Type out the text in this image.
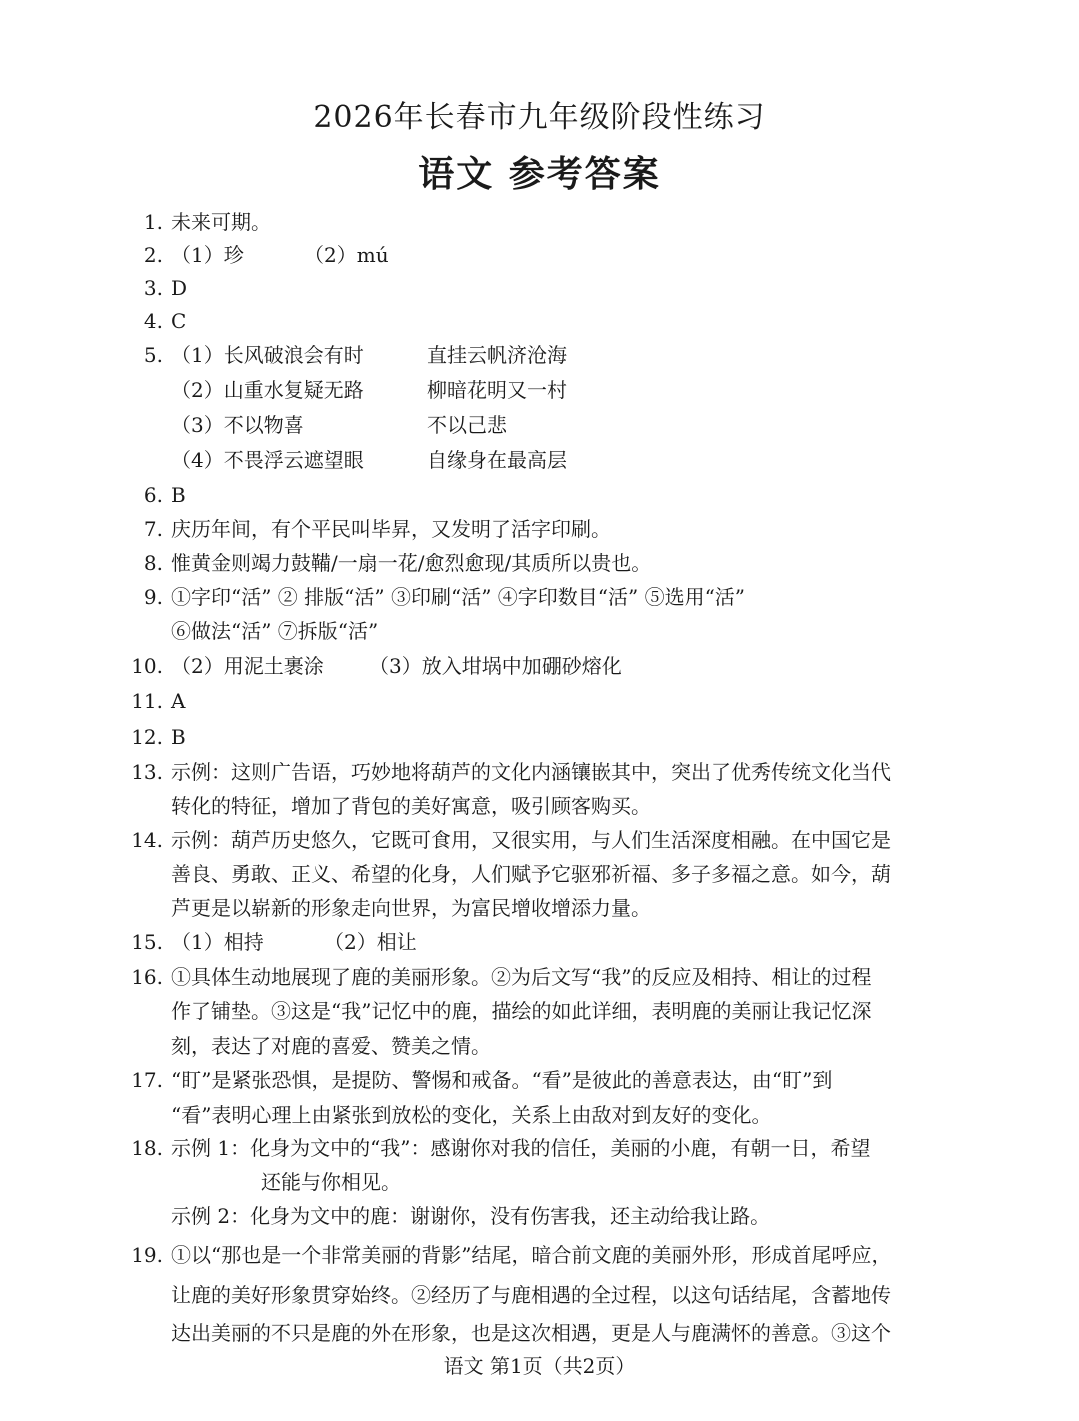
2026年长春市九年级阶段性练习
语文 参考答案
1. 未来可期。
2. （1）珍	（2）mú
3. D
4. C
5. （1）长风破浪会有时	直挂云帆济沧海
（2）山重水复疑无路	柳暗花明又一村
（3）不以物喜	不以己悲
（4）不畏浮云遮望眼	自缘身在最高层
6. B
7. 庆历年间，有个平民叫毕昇，又发明了活字印刷。
8. 惟黄金则竭力鼓鞴/一扇一花/愈烈愈现/其质所以贵也。
9. ①字印“活” ② 排版“活” ③印刷“活” ④字印数目“活” ⑤选用“活”
⑥做法“活” ⑦拆版“活”
10. （2）用泥土裹涂 （3）放入坩埚中加硼砂熔化
11. A
12. B
13. 示例：这则广告语，巧妙地将葫芦的文化内涵镶嵌其中，突出了优秀传统文化当代
转化的特征，增加了背包的美好寓意，吸引顾客购买。
14. 示例：葫芦历史悠久，它既可食用，又很实用，与人们生活深度相融。在中国它是
善良、勇敢、正义、希望的化身，人们赋予它驱邪祈福、多子多福之意。如今，葫
芦更是以崭新的形象走向世界，为富民增收增添力量。
15. （1）相持	（2）相让
16. ①具体生动地展现了鹿的美丽形象。②为后文写“我”的反应及相持、相让的过程
作了铺垫。③这是“我”记忆中的鹿，描绘的如此详细，表明鹿的美丽让我记忆深
刻，表达了对鹿的喜爱、赞美之情。
17. “盯”是紧张恐惧，是提防、警惕和戒备。“看”是彼此的善意表达，由“盯”到
“看”表明心理上由紧张到放松的变化，关系上由敌对到友好的变化。
18. 示例 1：化身为文中的“我”：感谢你对我的信任，美丽的小鹿，有朝一日，希望
还能与你相见。
示例 2：化身为文中的鹿：谢谢你，没有伤害我，还主动给我让路。
19. ①以“那也是一个非常美丽的背影”结尾，暗合前文鹿的美丽外形，形成首尾呼应，
让鹿的美好形象贯穿始终。②经历了与鹿相遇的全过程，以这句话结尾，含蓄地传
达出美丽的不只是鹿的外在形象，也是这次相遇，更是人与鹿满怀的善意。③这个
语文 第1页（共2页）
